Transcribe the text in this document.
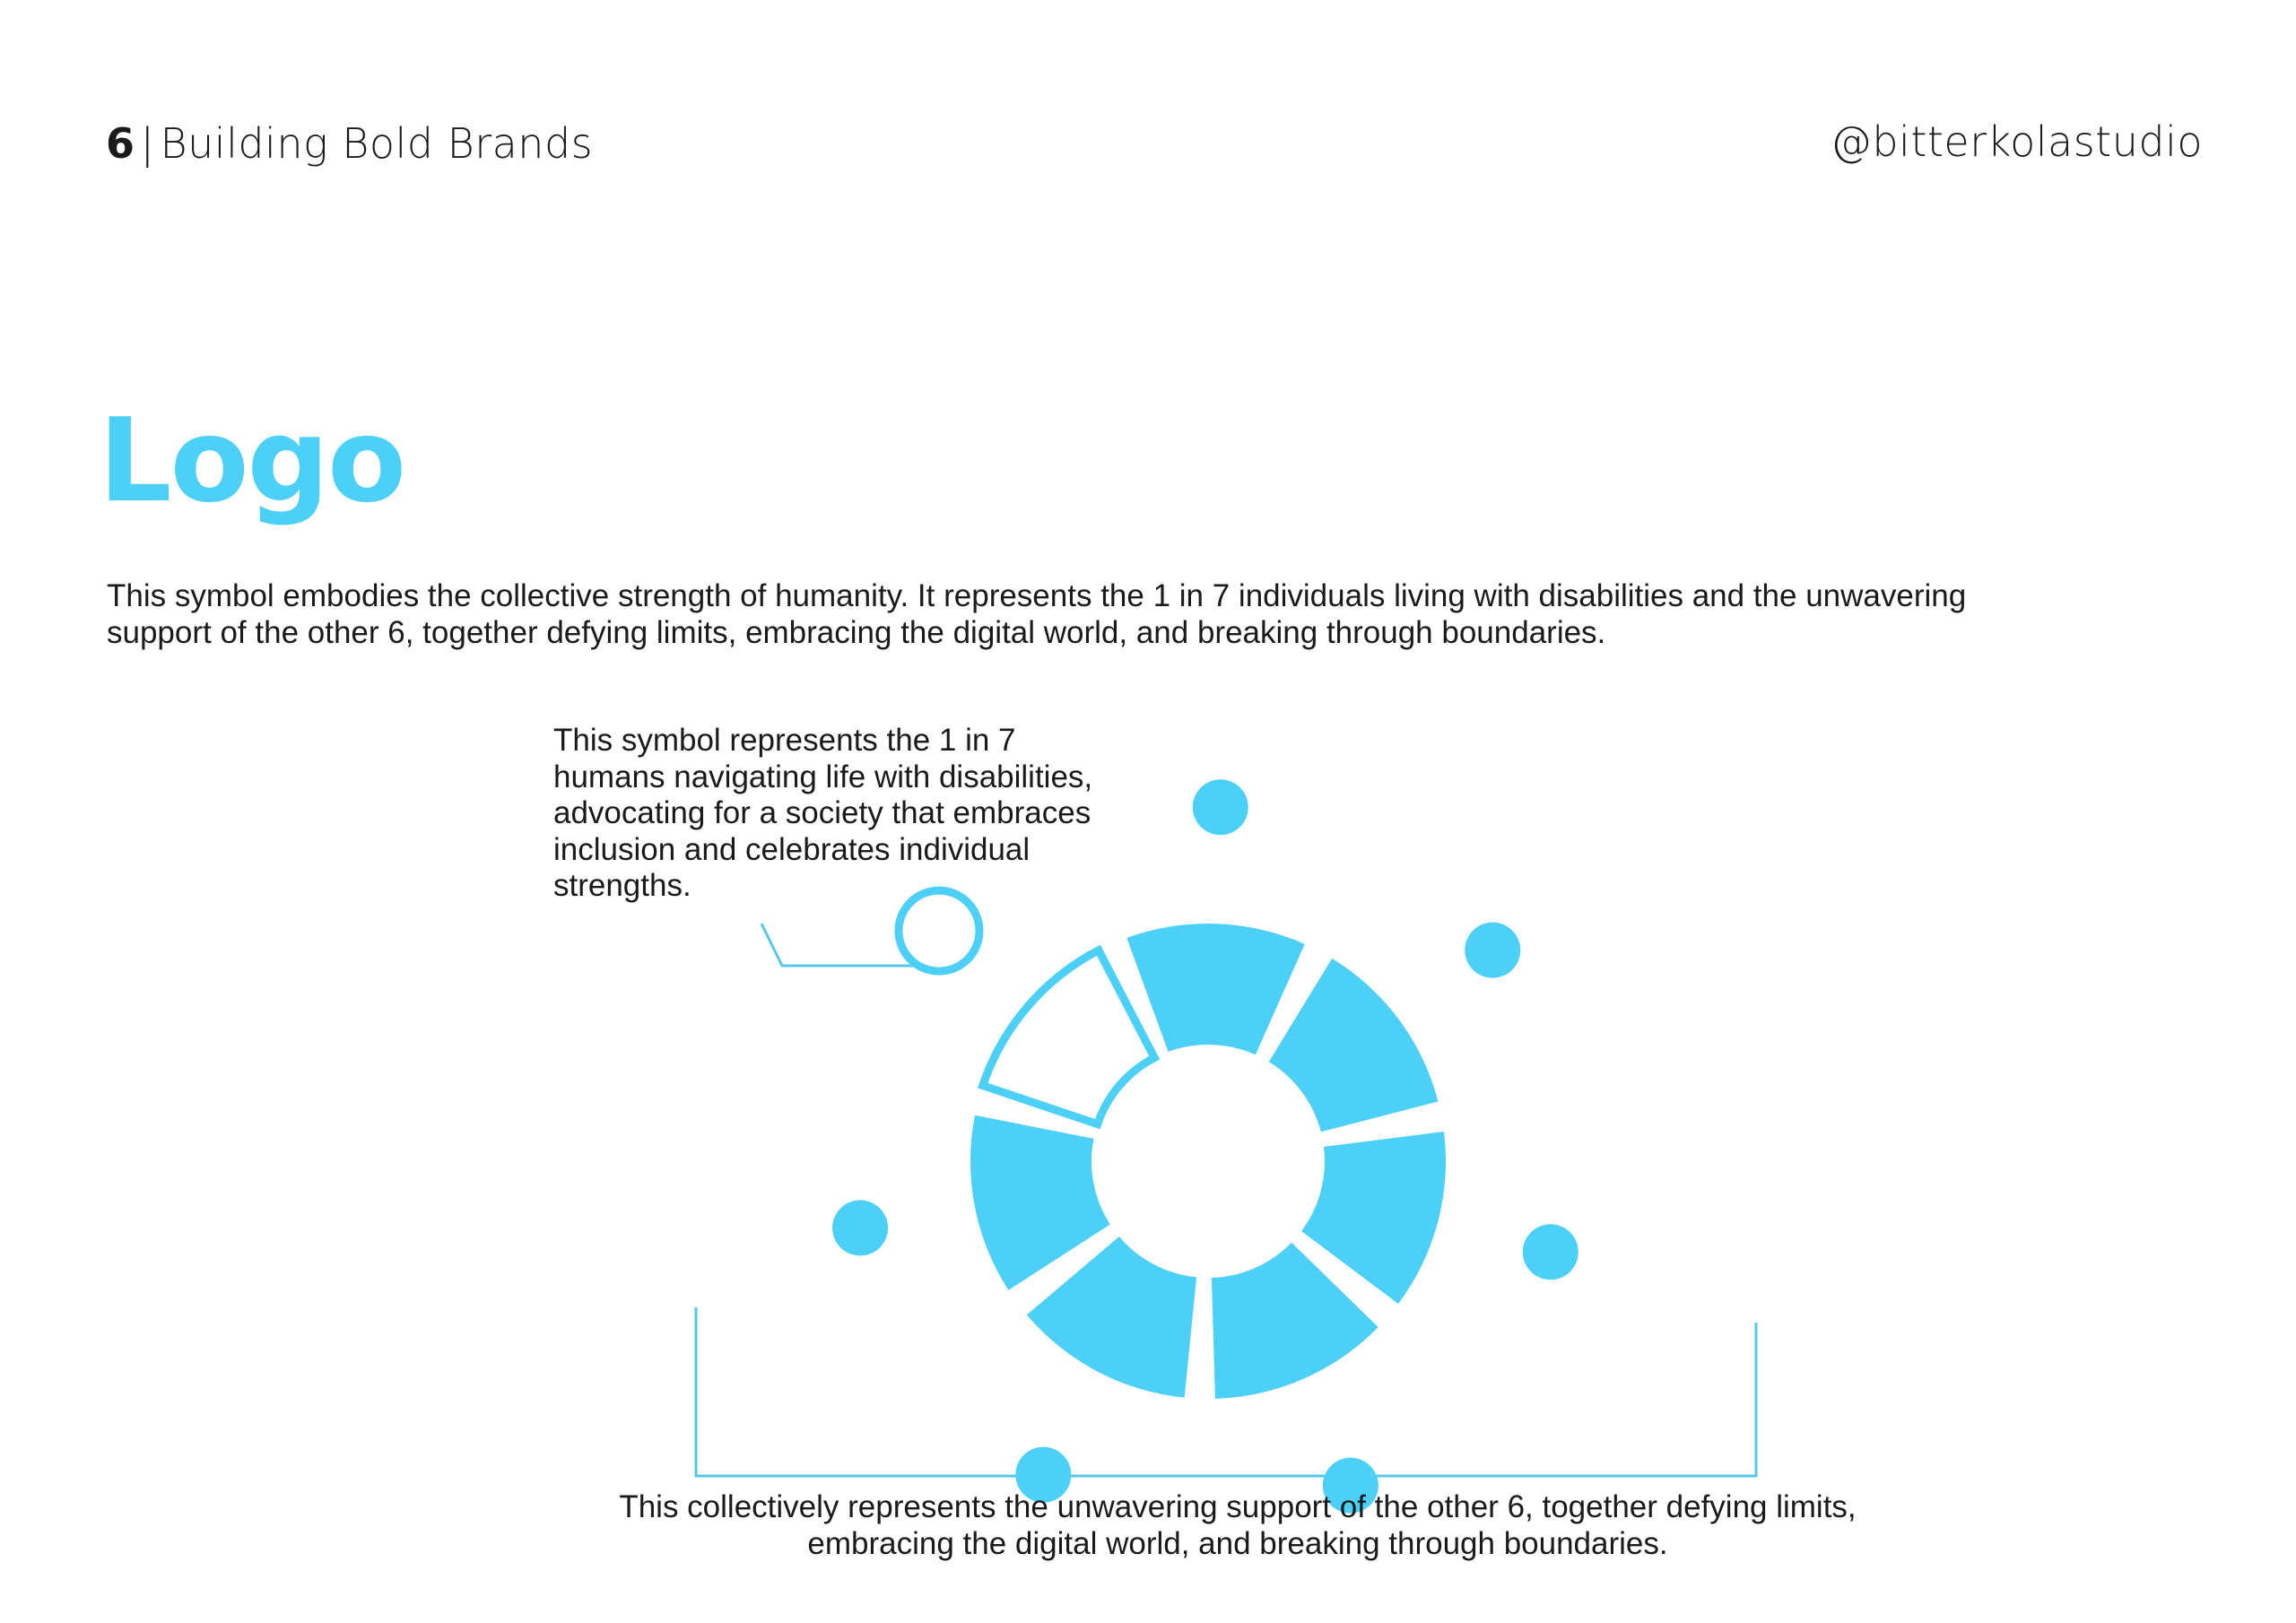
6 | Building Bold Brands	@bitterkolastudio
Logo

This symbol embodies the collective strength of humanity. It represents the 1 in 7 individuals living with disabilities and the unwavering support of the other 6, together defying limits, embracing the digital world, and breaking through boundaries.

This symbol represents the 1 in 7 humans navigating life with disabilities, advocating for a society that embraces inclusion and celebrates individual strengths.

This collectively represents the unwavering support of the other 6, together defying limits, embracing the digital world, and breaking through boundaries.
